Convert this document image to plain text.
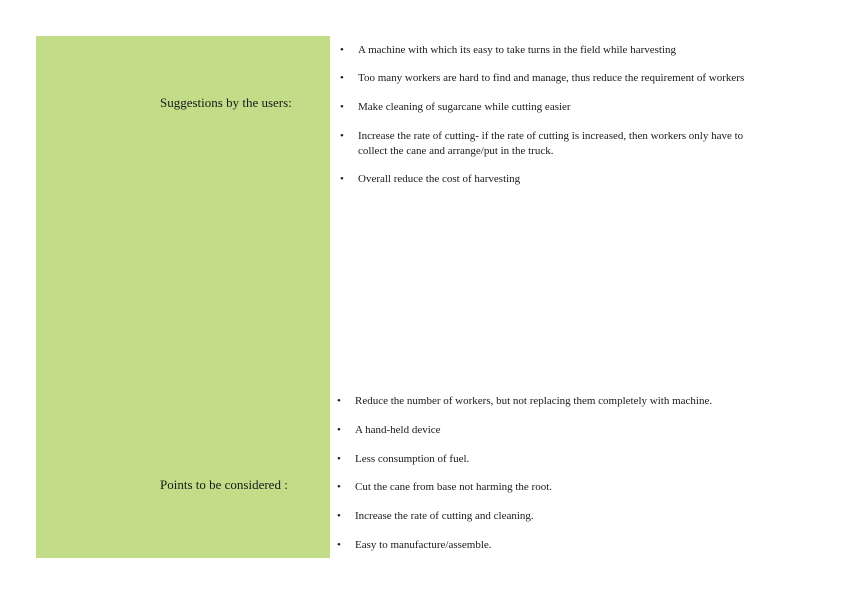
Suggestions by the users:
Points to be considered :
• A machine with which its easy to take turns in the field while harvesting
• Too many workers are hard to find and manage, thus reduce the requirement of workers
• Make cleaning of sugarcane while cutting easier
• Increase the rate of cutting- if the rate of cutting is increased, then workers only have to
collect the cane and arrange/put in the truck.
• Overall reduce the cost of harvesting
• Reduce the number of workers, but not replacing them completely with machine.
• A hand-held device
• Less consumption of fuel.
• Cut the cane from base not harming the root.
• Increase the rate of cutting and cleaning.
• Easy to manufacture/assemble.
